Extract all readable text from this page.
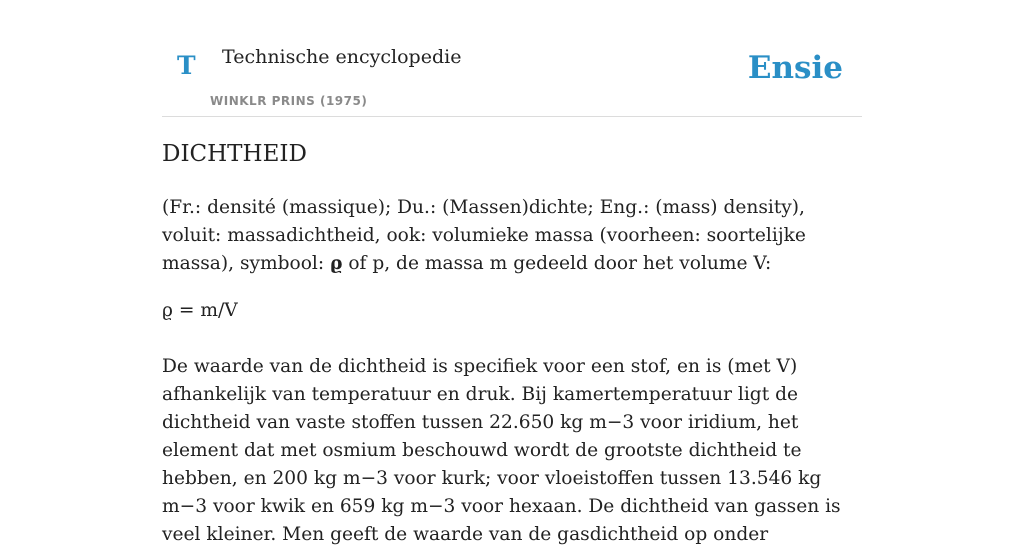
T Technische encyclopedie
WINKLR PRINS (1975)
Ensie
DICHTHEID

(Fr.: densité (massique); Du.: (Massen)dichte; Eng.: (mass) density), voluit: massadichtheid, ook: volumieke massa (voorheen: soortelijke massa), symbool: ϱ of p, de massa m gedeeld door het volume V:

ϱ = m/V

De waarde van de dichtheid is specifiek voor een stof, en is (met V) afhankelijk van temperatuur en druk. Bij kamertemperatuur ligt de dichtheid van vaste stoffen tussen 22.650 kg m−3 voor iridium, het element dat met osmium beschouwd wordt de grootste dichtheid te hebben, en 200 kg m−3 voor kurk; voor vloeistoffen tussen 13.546 kg m−3 voor kwik en 659 kg m−3 voor hexaan. De dichtheid van gassen is veel kleiner. Men geeft de waarde van de gasdichtheid op onder
